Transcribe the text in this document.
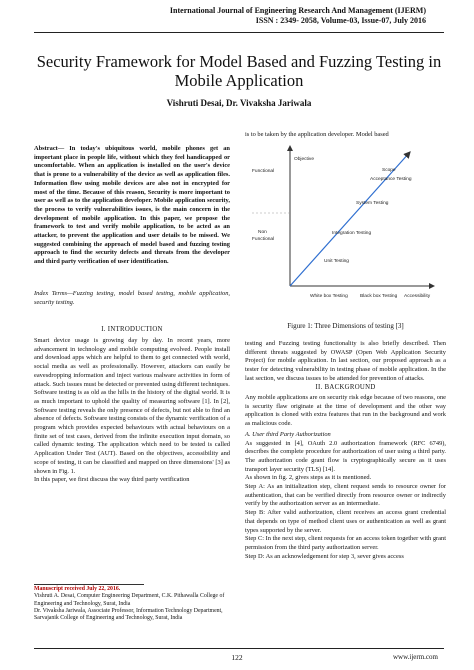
International Journal of Engineering Research And Management (IJERM)
ISSN : 2349- 2058, Volume-03, Issue-07, July 2016
Security Framework for Model Based and Fuzzing Testing in Mobile Application
Vishruti Desai, Dr. Vivaksha Jariwala
Abstract— In today's ubiquitous world, mobile phones get an important place in people life, without which they feel handicapped or uncomfortable. When an application is installed on the user's device that is prone to a vulnerability of the device as well as application files. Information flow using mobile devices are also not in encrypted for most of the time. Because of this reason, Security is more important to user as well as to the application developer. Mobile application security, the process to verify vulnerabilities issues, is the main concern in the development of mobile application. In this paper, we propose the framework to test and verify mobile application, to be acted as an attacker, to prevent the application and user details to be missed. We suggested combining the approach of model based and fuzzing testing approach to find the security defects and threats from the developer and third party verification of user identification.
Index Terms—Fuzzing testing, model based testing, mobile application, security testing.
I. INTRODUCTION

Smart device usage is growing day by day. In recent years, more advancement in technology and mobile computing evolved. People install and download apps which are helpful to them to get connected with world, social media as well as professionally. However, attackers can easily be eavesdropping information and inject various malware activities in form of attack. Such issues must be detected or prevented using different techniques.

Software testing is as old as the hills in the history of the digital world. It is as much important to uphold the quality of measuring software [1]. In [2], Software testing reveals the only presence of defects, but not able to find an absence of defects. Software testing consists of the dynamic verification of a program which provides expected behaviours with actual behaviours on a finite set of test cases, derived from the infinite execution input domain, so called dynamic testing. The application which need to be tested is called Application Under Test (AUT). Based on the objectives, accessibility and scope of testing, it can be classified and mapped on three dimensions' [3] as shown in Fig. 1.

In this paper, we first discuss the way third party verification

Manuscript received July 22, 2016.

Vishruti A. Desai, Computer Engineering Department, C.K. Pithawalla College of Engineering and Technology, Surat, India

Dr. Vivaksha Jariwala, Associate Professor, Information Technology Department, Sarvajanik College of Engineering and Technology, Surat, India

is to be taken by the application developer. Model based
Objective
Functional
Non
Functional
Scope
Acceptance Testing
System Testing
Integration Testing
Unit Testing
White box Testing	Black box Testing Accessibility
Figure 1: Three Dimensions of testing [3]
testing and Fuzzing testing functionality is also briefly described. Then different threats suggested by OWASP (Open Web Application Security Project) for mobile application. In last section, our proposed approach as a tester for detecting vulnerability in testing phase of mobile application. In the last section, we discuss issues to be attended for prevention of attacks.
II. BACKGROUND

Any mobile applications are on security risk edge because of two reasons, one is security flaw originate at the time of development and the other way application is cloned with extra features that run in the background and work as malicious code.

A. User third Party Authorization

As suggested in [4], OAuth 2.0 authorization framework (RFC 6749), describes the complete procedure for authorization of user using a third party. The authorization code grant flow is cryptographically secure as it uses transport layer security (TLS) [14].

As shown in fig. 2, gives steps as it is mentioned.

Step A: As an initialization step, client request sends to resource owner for authentication, that can be verified directly from resource owner or indirectly verify by the authorization server as an intermediate.

Step B: After valid authorization, client receives an access grant credential that depends on type of method client uses or authentication as well as grant types supported by the server.

Step C: In the next step, client requests for an access token together with grant permission from the third party authorization server.

Step D: As an acknowledgement for step 3, sever gives access

122	www.ijerm.com
